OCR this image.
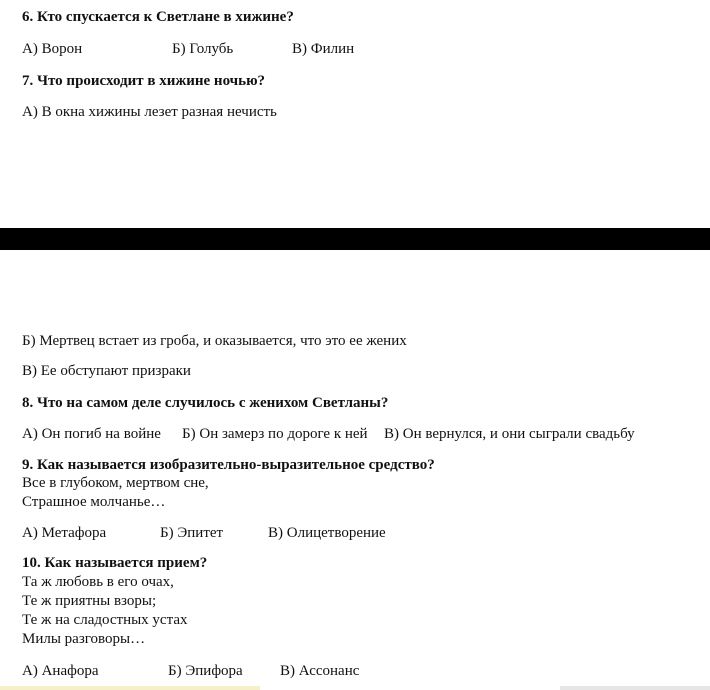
6. Кто спускается к Светлане в хижине?
А) Ворон	Б) Голубь	В) Филин
7. Что происходит в хижине ночью?
А) В окна хижины лезет разная нечисть
Б) Мертвец встает из гроба, и оказывается, что это ее жених
В) Ее обступают призраки
8. Что на самом деле случилось с женихом Светланы?
А) Он погиб на войне Б) Он замерз по дороге к ней В) Он вернулся, и они сыграли свадьбу
9. Как называется изобразительно-выразительное средство?
Все в глубоком, мертвом сне,
Страшное молчанье…
А) Метафора	Б) Эпитет	В) Олицетворение
10. Как называется прием?
Та ж любовь в его очах,
Те ж приятны взоры;
Те ж на сладостных устах
Милы разговоры…
А) Анафора	Б) Эпифора В) Ассонанс
